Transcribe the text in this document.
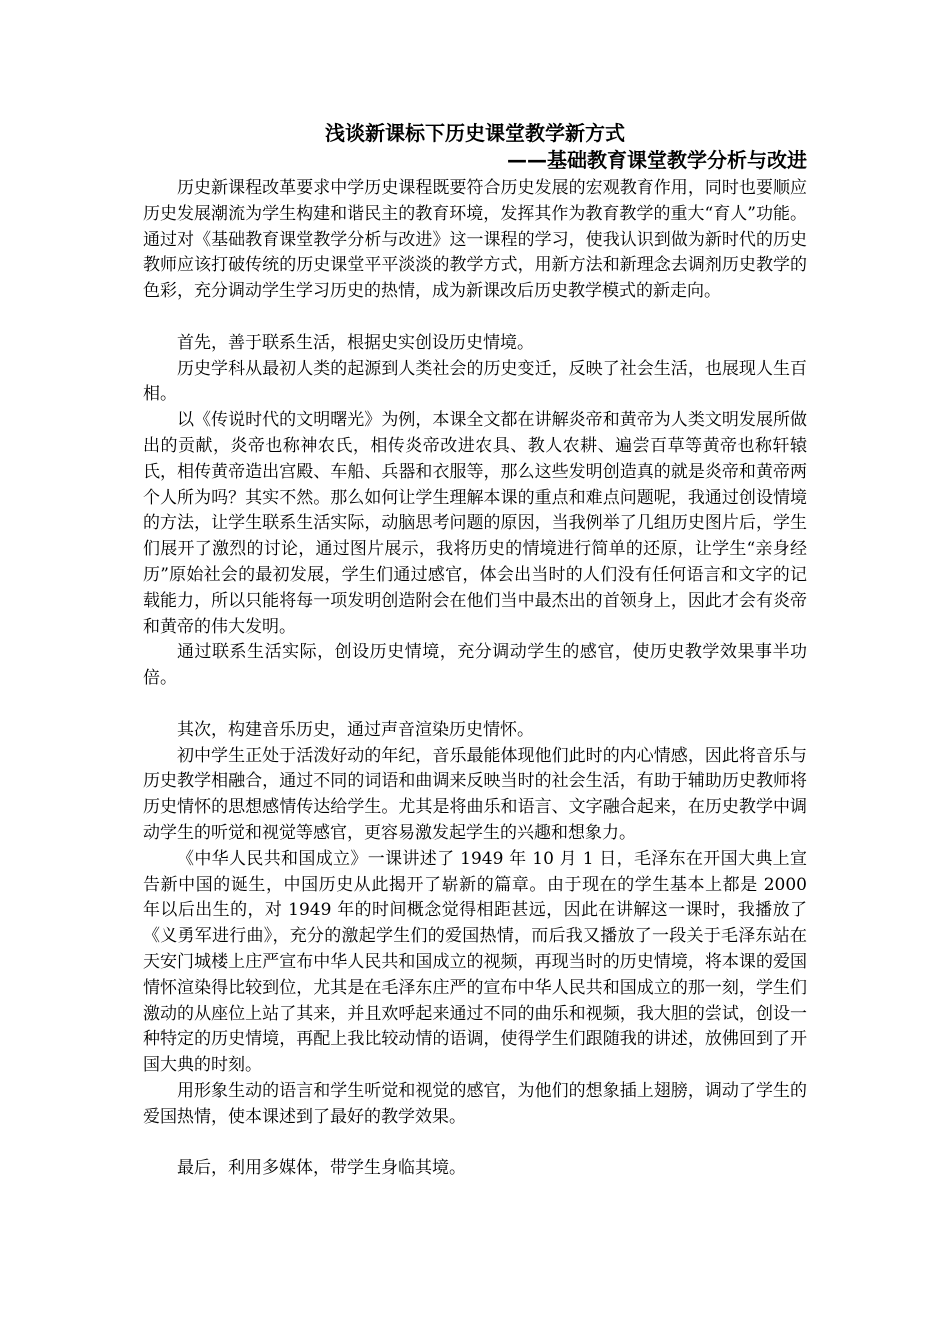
浅谈新课标下历史课堂教学新方式
——基础教育课堂教学分析与改进

历史新课程改革要求中学历史课程既要符合历史发展的宏观教育作用，同时也要顺应历史发展潮流为学生构建和谐民主的教育环境，发挥其作为教育教学的重大“育人”功能。通过对《基础教育课堂教学分析与改进》这一课程的学习，使我认识到做为新时代的历史教师应该打破传统的历史课堂平平淡淡的教学方式，用新方法和新理念去调剂历史教学的色彩，充分调动学生学习历史的热情，成为新课改后历史教学模式的新走向。

首先，善于联系生活，根据史实创设历史情境。

历史学科从最初人类的起源到人类社会的历史变迁，反映了社会生活，也展现人生百相。

以《传说时代的文明曙光》为例，本课全文都在讲解炎帝和黄帝为人类文明发展所做出的贡献，炎帝也称神农氏，相传炎帝改进农具、教人农耕、遍尝百草等黄帝也称轩辕氏，相传黄帝造出宫殿、车船、兵器和衣服等，那么这些发明创造真的就是炎帝和黄帝两个人所为吗？其实不然。那么如何让学生理解本课的重点和难点问题呢，我通过创设情境的方法，让学生联系生活实际，动脑思考问题的原因，当我例举了几组历史图片后，学生们展开了激烈的讨论，通过图片展示，我将历史的情境进行简单的还原，让学生“亲身经历”原始社会的最初发展，学生们通过感官，体会出当时的人们没有任何语言和文字的记载能力，所以只能将每一项发明创造附会在他们当中最杰出的首领身上，因此才会有炎帝和黄帝的伟大发明。

通过联系生活实际，创设历史情境，充分调动学生的感官，使历史教学效果事半功倍。

其次，构建音乐历史，通过声音渲染历史情怀。

初中学生正处于活泼好动的年纪，音乐最能体现他们此时的内心情感，因此将音乐与历史教学相融合，通过不同的词语和曲调来反映当时的社会生活，有助于辅助历史教师将历史情怀的思想感情传达给学生。尤其是将曲乐和语言、文字融合起来，在历史教学中调动学生的听觉和视觉等感官，更容易激发起学生的兴趣和想象力。

《中华人民共和国成立》一课讲述了 1949 年 10 月 1 日，毛泽东在开国大典上宣告新中国的诞生，中国历史从此揭开了崭新的篇章。由于现在的学生基本上都是 2000 年以后出生的，对 1949 年的时间概念觉得相距甚远，因此在讲解这一课时，我播放了《义勇军进行曲》，充分的激起学生们的爱国热情，而后我又播放了一段关于毛泽东站在天安门城楼上庄严宣布中华人民共和国成立的视频，再现当时的历史情境，将本课的爱国情怀渲染得比较到位，尤其是在毛泽东庄严的宣布中华人民共和国成立的那一刻，学生们激动的从座位上站了其来，并且欢呼起来通过不同的曲乐和视频，我大胆的尝试，创设一种特定的历史情境，再配上我比较动情的语调，使得学生们跟随我的讲述，放佛回到了开国大典的时刻。

用形象生动的语言和学生听觉和视觉的感官，为他们的想象插上翅膀，调动了学生的爱国热情，使本课述到了最好的教学效果。

最后，利用多媒体，带学生身临其境。
